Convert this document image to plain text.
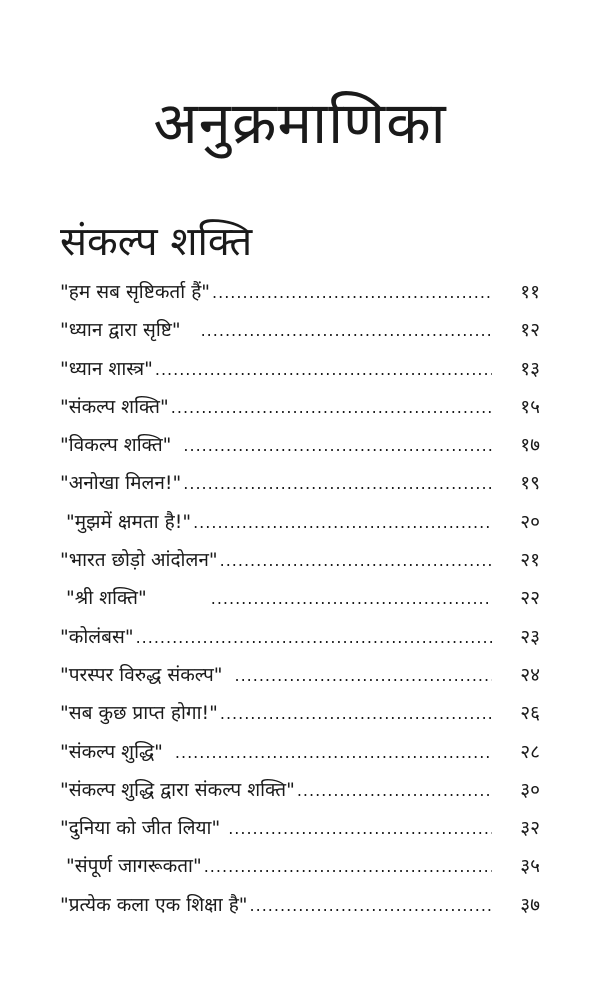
अनुक्रमाणिका
संकल्प शक्ति
"हम सब सृष्टिकर्ता हैं" .....	११
"ध्यान द्वारा सृष्टि" .....	१२
"ध्यान शास्त्र" .....	१३
"संकल्प शक्ति" .....	१५
"विकल्प शक्ति" .....	१७
"अनोखा मिलन!" .....	१९
"मुझमें क्षमता है!" .....	२०
"भारत छोड़ो आंदोलन" .....	२१
"श्री शक्ति" .....	२२
"कोलंबस" .....	२३
"परस्पर विरुद्ध संकल्प" .....	२४
"सब कुछ प्राप्त होगा!" .....	२६
"संकल्प शुद्धि" .....	२८
"संकल्प शुद्धि द्वारा संकल्प शक्ति" .....	३०
"दुनिया को जीत लिया" .....	३२
"संपूर्ण जागरूकता" .....	३५
"प्रत्येक कला एक शिक्षा है" .....	३७
